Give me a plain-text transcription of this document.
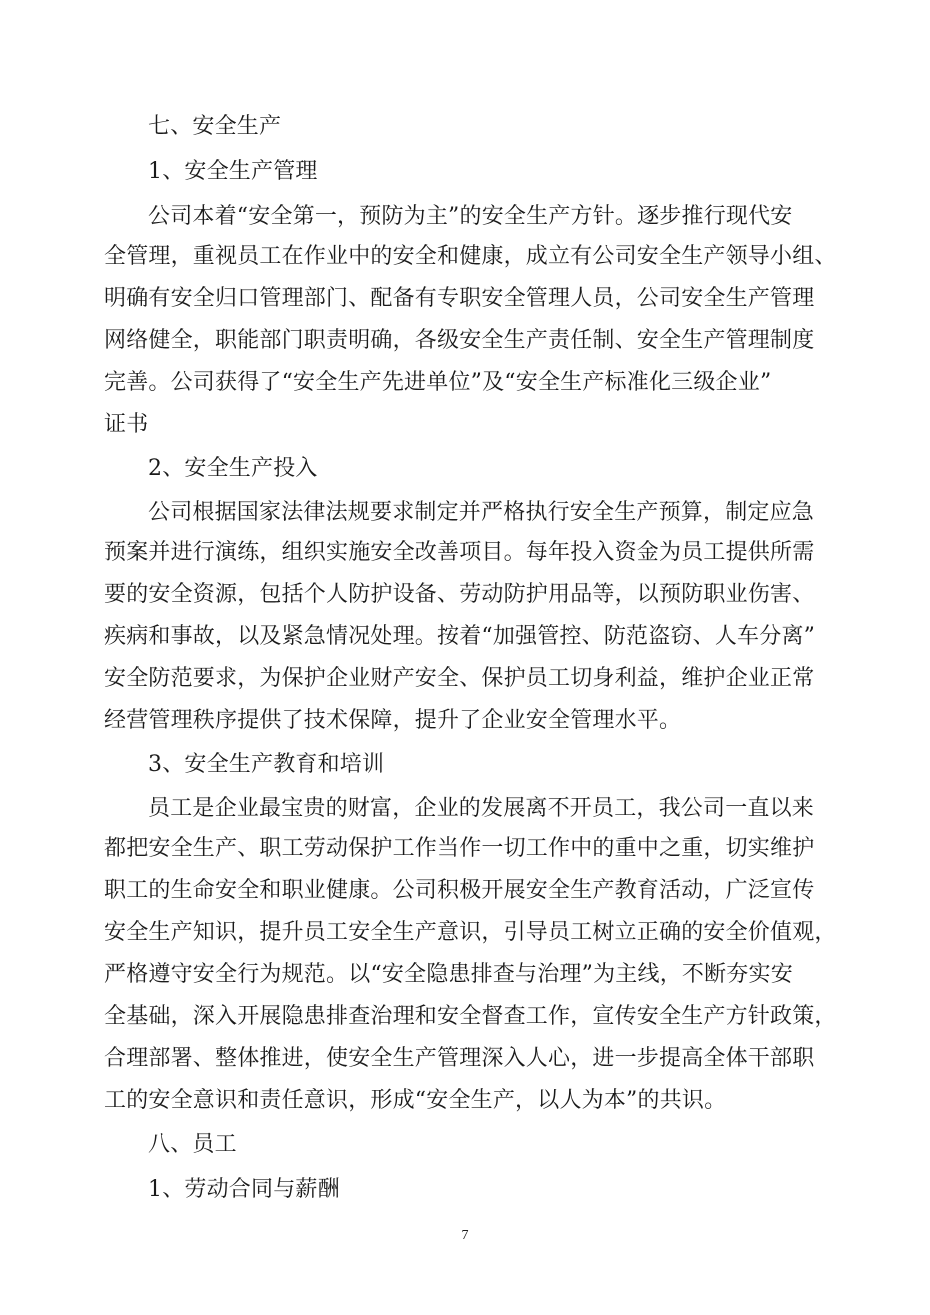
七、安全生产
1、安全生产管理
公司本着“安全第一，预防为主”的安全生产方针。逐步推行现代安
全管理，重视员工在作业中的安全和健康，成立有公司安全生产领导小组、
明确有安全归口管理部门、配备有专职安全管理人员，公司安全生产管理
网络健全，职能部门职责明确，各级安全生产责任制、安全生产管理制度
完善。公司获得了“安全生产先进单位”及“安全生产标准化三级企业”
证书
2、安全生产投入
公司根据国家法律法规要求制定并严格执行安全生产预算，制定应急
预案并进行演练，组织实施安全改善项目。每年投入资金为员工提供所需
要的安全资源，包括个人防护设备、劳动防护用品等，以预防职业伤害、
疾病和事故，以及紧急情况处理。按着“加强管控、防范盗窃、人车分离”
安全防范要求，为保护企业财产安全、保护员工切身利益，维护企业正常
经营管理秩序提供了技术保障，提升了企业安全管理水平。
3、安全生产教育和培训
员工是企业最宝贵的财富，企业的发展离不开员工，我公司一直以来
都把安全生产、职工劳动保护工作当作一切工作中的重中之重，切实维护
职工的生命安全和职业健康。公司积极开展安全生产教育活动，广泛宣传
安全生产知识，提升员工安全生产意识，引导员工树立正确的安全价值观，
严格遵守安全行为规范。以“安全隐患排查与治理”为主线，不断夯实安
全基础，深入开展隐患排查治理和安全督查工作，宣传安全生产方针政策，
合理部署、整体推进，使安全生产管理深入人心，进一步提高全体干部职
工的安全意识和责任意识，形成“安全生产，以人为本”的共识。
八、员工
1、劳动合同与薪酬
7
